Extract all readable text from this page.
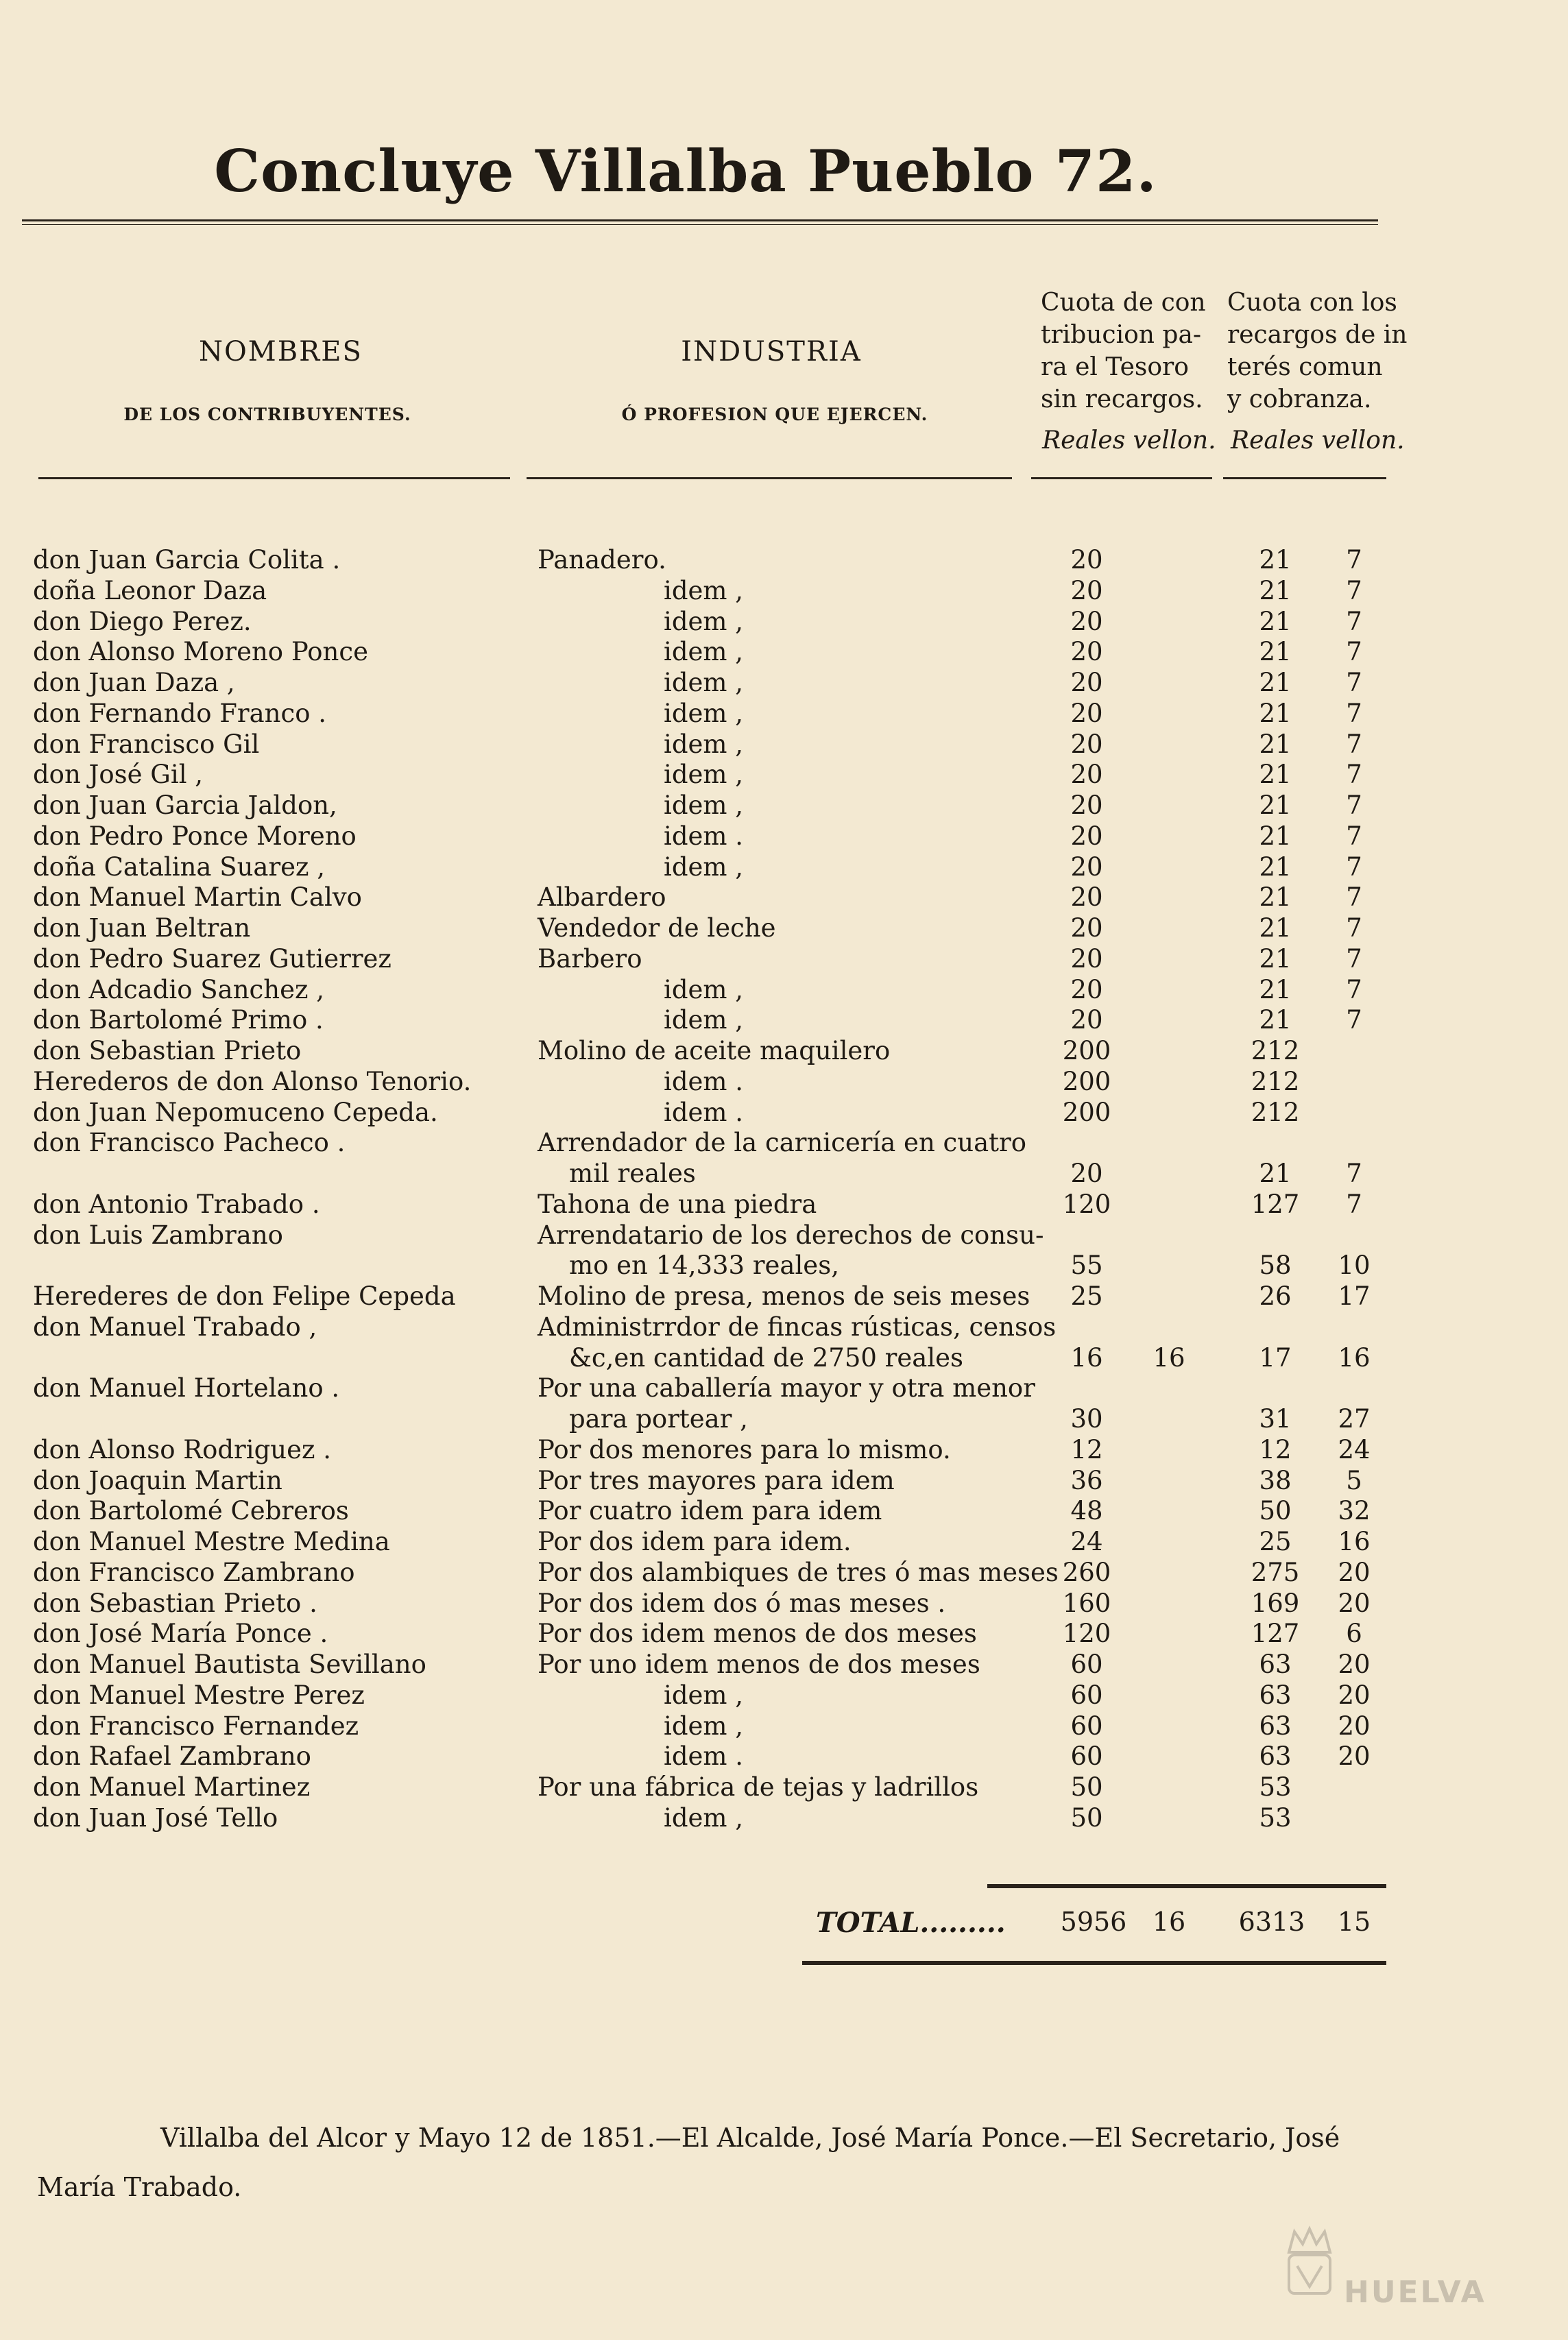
Concluye Villalba Pueblo 72.
NOMBRES
DE LOS CONTRIBUYENTES.
INDUSTRIA
Ó PROFESION QUE EJERCEN.
Cuota de con
tribucion pa-
ra el Tesoro
sin recargos.
Reales vellon.
Cuota con los
recargos de in
terés comun
y cobranza.
Reales vellon.
don Juan Garcia Colita .	Panadero.	20	21	7
doña Leonor Daza	idem ,	20	21	7
don Diego Perez.	idem ,	20	21	7
don Alonso Moreno Ponce	idem ,	20	21	7
don Juan Daza ,	idem ,	20	21	7
don Fernando Franco .	idem ,	20	21	7
don Francisco Gil	idem ,	20	21	7
don José Gil ,	idem ,	20	21	7
don Juan Garcia Jaldon,	idem ,	20	21	7
don Pedro Ponce Moreno	idem .	20	21	7
doña Catalina Suarez ,	idem ,	20	21	7
don Manuel Martin Calvo	Albardero	20	21	7
don Juan Beltran	Vendedor de leche	20	21	7
don Pedro Suarez Gutierrez	Barbero	20	21	7
don Adcadio Sanchez ,	idem ,	20	21	7
don Bartolomé Primo .	idem ,	20	21	7
don Sebastian Prieto	Molino de aceite maquilero	200	212
Herederos de don Alonso Tenorio.	idem .	200	212
don Juan Nepomuceno Cepeda.	idem .	200	212
don Francisco Pacheco .	Arrendador de la carnicería en cuatro
mil reales	20	21	7
don Antonio Trabado .	Tahona de una piedra	120	127	7
don Luis Zambrano	Arrendatario de los derechos de consu-
mo en 14,333 reales,	55	58	10
Herederes de don Felipe Cepeda	Molino de presa, menos de seis meses	25	26	17
don Manuel Trabado ,	Administrrdor de fincas rústicas, censos
&c,en cantidad de 2750 reales	16	16	17	16
don Manuel Hortelano .	Por una caballería mayor y otra menor
para portear ,	30	31	27
don Alonso Rodriguez .	Por dos menores para lo mismo.	12	12	24
don Joaquin Martin	Por tres mayores para idem	36	38	5
don Bartolomé Cebreros	Por cuatro idem para idem	48	50	32
don Manuel Mestre Medina	Por dos idem para idem.	24	25	16
don Francisco Zambrano	Por dos alambiques de tres ó mas meses 260	275	20
don Sebastian Prieto .	Por dos idem dos ó mas meses .	160	169	20
don José María Ponce .	Por dos idem menos de dos meses	120	127	6
don Manuel Bautista Sevillano	Por uno idem menos de dos meses	60	63	20
don Manuel Mestre Perez	idem ,	60	63	20
don Francisco Fernandez	idem ,	60	63	20
don Rafael Zambrano	idem .	60	63	20
don Manuel Martinez	Por una fábrica de tejas y ladrillos	50	53
don Juan José Tello	idem ,	50	53
TOTAL.........	5956 16	6313	15
Villalba del Alcor y Mayo 12 de 1851.—El Alcalde, José María Ponce.—El Secretario, José María Trabado.
HUELVA
